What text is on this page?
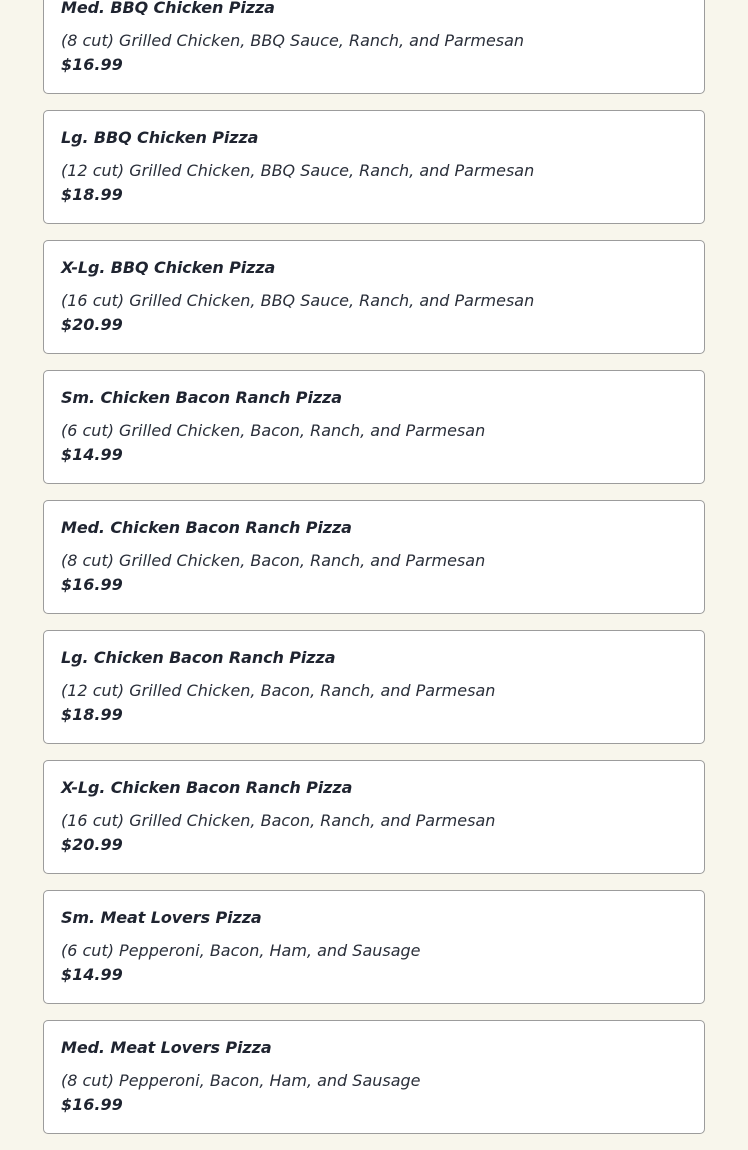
Med. BBQ Chicken Pizza
(8 cut) Grilled Chicken, BBQ Sauce, Ranch, and Parmesan
$16.99
Lg. BBQ Chicken Pizza
(12 cut) Grilled Chicken, BBQ Sauce, Ranch, and Parmesan
$18.99
X-Lg. BBQ Chicken Pizza
(16 cut) Grilled Chicken, BBQ Sauce, Ranch, and Parmesan
$20.99
Sm. Chicken Bacon Ranch Pizza
(6 cut) Grilled Chicken, Bacon, Ranch, and Parmesan
$14.99
Med. Chicken Bacon Ranch Pizza
(8 cut) Grilled Chicken, Bacon, Ranch, and Parmesan
$16.99
Lg. Chicken Bacon Ranch Pizza
(12 cut) Grilled Chicken, Bacon, Ranch, and Parmesan
$18.99
X-Lg. Chicken Bacon Ranch Pizza
(16 cut) Grilled Chicken, Bacon, Ranch, and Parmesan
$20.99
Sm. Meat Lovers Pizza
(6 cut) Pepperoni, Bacon, Ham, and Sausage
$14.99
Med. Meat Lovers Pizza
(8 cut) Pepperoni, Bacon, Ham, and Sausage
$16.99
